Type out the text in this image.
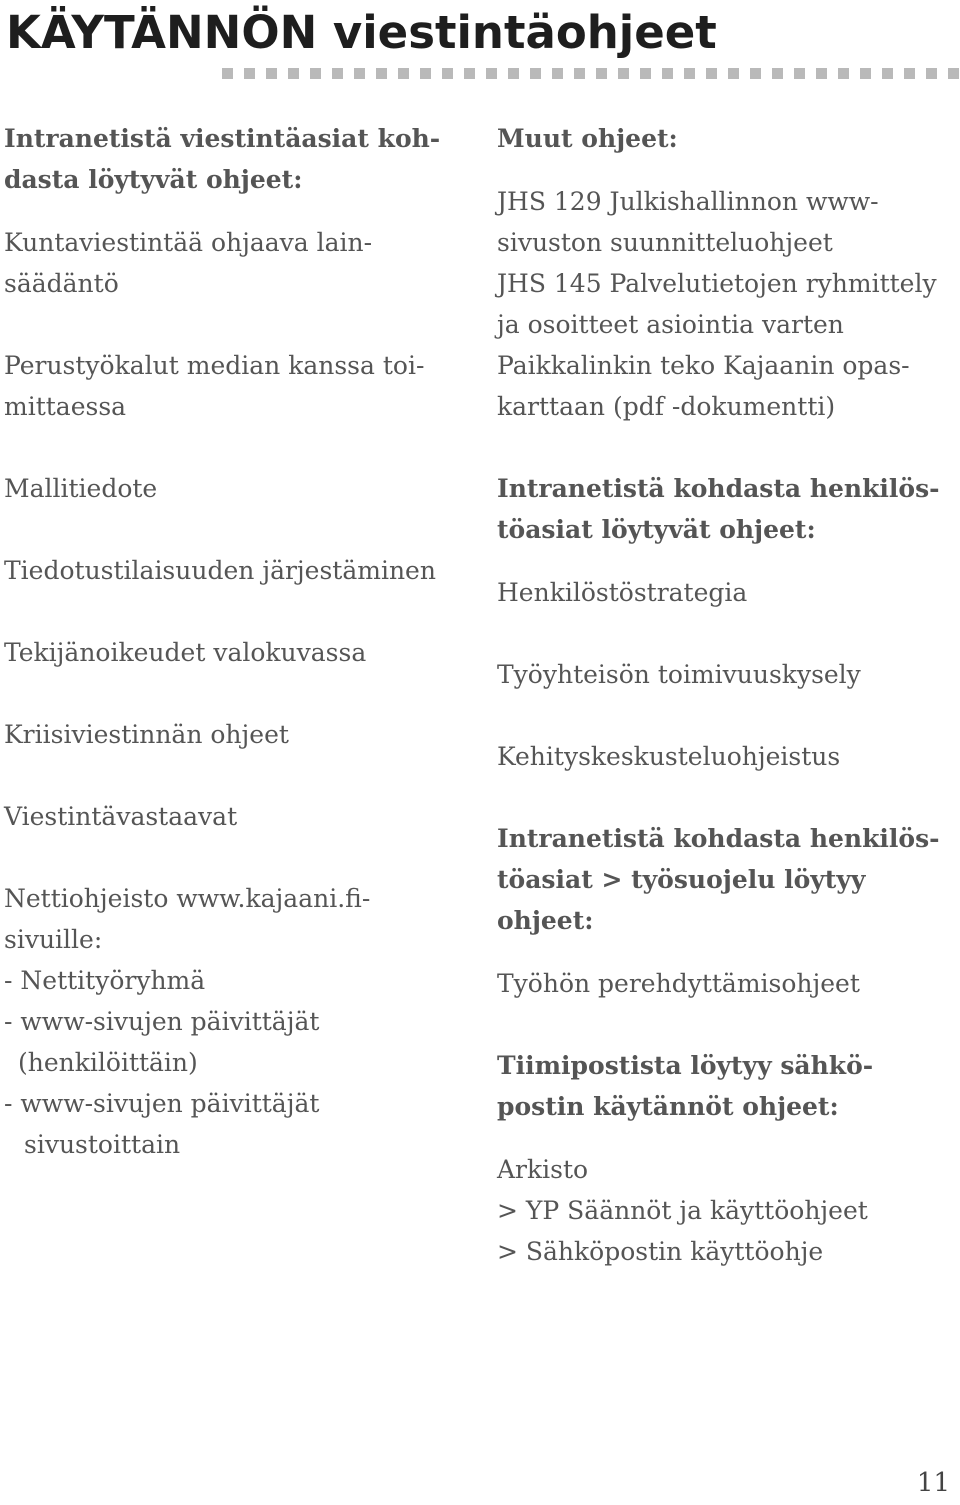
KÄYTÄNNÖN viestintäohjeet

Intranetistä viestintäasiat koh-
dasta löytyvät ohjeet:

Kuntaviestintää ohjaava lain-
säädäntö

Perustyökalut median kanssa toi-
mittaessa

Mallitiedote

Tiedotustilaisuuden järjestäminen

Tekijänoikeudet valokuvassa

Kriisiviestinnän ohjeet

Viestintävastaavat

Nettiohjeisto www.kajaani.fi-
sivuille:
- Nettityöryhmä
- www-sivujen päivittäjät
(henkilöittäin)
- www-sivujen päivittäjät
sivustoittain

Muut ohjeet:

JHS 129 Julkishallinnon www-
sivuston suunnitteluohjeet
JHS 145 Palvelutietojen ryhmittely
ja osoitteet asiointia varten
Paikkalinkin teko Kajaanin opas-
karttaan (pdf -dokumentti)

Intranetistä kohdasta henkilös-
töasiat löytyvät ohjeet:

Henkilöstöstrategia

Työyhteisön toimivuuskysely

Kehityskeskusteluohjeistus

Intranetistä kohdasta henkilös-
töasiat > työsuojelu löytyy
ohjeet:

Työhön perehdyttämisohjeet

Tiimipostista löytyy sähkö-
postin käytännöt ohjeet:

Arkisto
> YP Säännöt ja käyttöohjeet
> Sähköpostin käyttöohje

11
